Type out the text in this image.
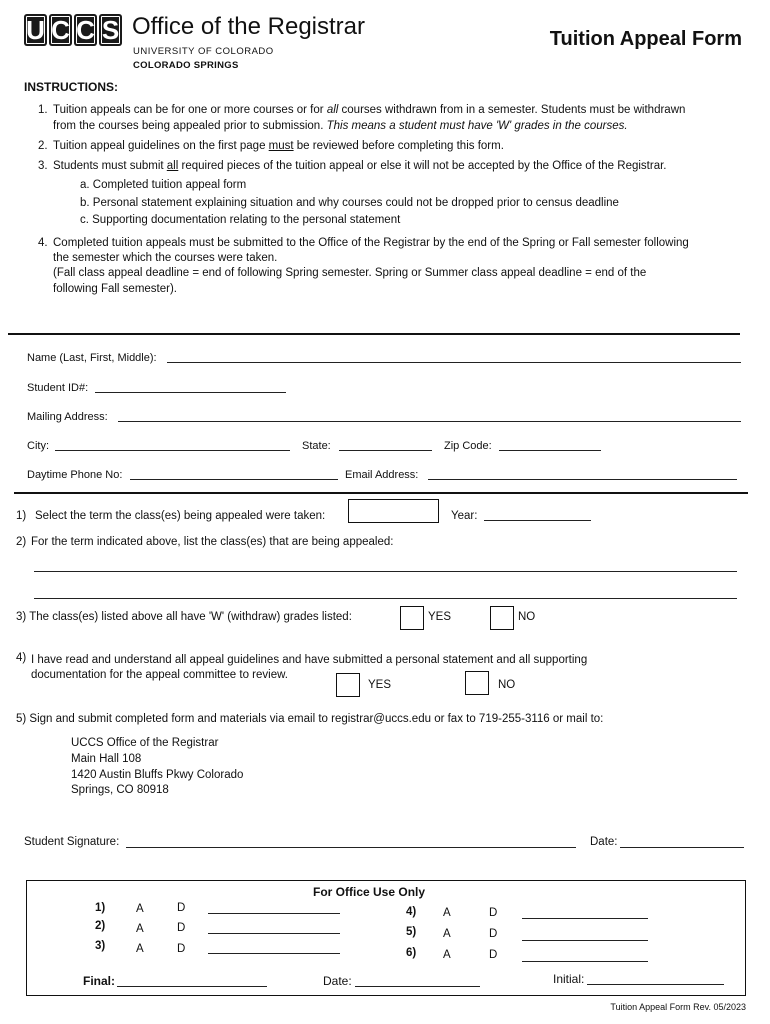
U C C S Office of the Registrar
UNIVERSITY OF COLORADO
COLORADO SPRINGS
Tuition Appeal Form
INSTRUCTIONS:
1. Tuition appeals can be for one or more courses or for all courses withdrawn from in a semester. Students must be withdrawn
from the courses being appealed prior to submission. This means a student must have 'W' grades in the courses.
2. Tuition appeal guidelines on the first page must be reviewed before completing this form.
3. Students must submit all required pieces of the tuition appeal or else it will not be accepted by the Office of the Registrar.
a. Completed tuition appeal form
b. Personal statement explaining situation and why courses could not be dropped prior to census deadline
c. Supporting documentation relating to the personal statement
4. Completed tuition appeals must be submitted to the Office of the Registrar by the end of the Spring or Fall semester following
the semester which the courses were taken.
(Fall class appeal deadline = end of following Spring semester. Spring or Summer class appeal deadline = end of the
following Fall semester).
Name (Last, First, Middle):
Student ID#:
Mailing Address:
City:	State:	Zip Code:
Daytime Phone No:	Email Address:
1) Select the term the class(es) being appealed were taken:	Year:
2) For the term indicated above, list the class(es) that are being appealed:
3) The class(es) listed above all have 'W' (withdraw) grades listed:	YES	NO
4) I have read and understand all appeal guidelines and have submitted a personal statement and all supporting
documentation for the appeal committee to review.
YES	NO
5) Sign and submit completed form and materials via email to registrar@uccs.edu or fax to 719-255-3116 or mail to:
UCCS Office of the Registrar
Main Hall 108
1420 Austin Bluffs Pkwy Colorado
Springs, CO 80918
Student Signature:	Date:
For Office Use Only
1)	A	D
2)	A	D
3)	A	D
4) A	D
5) A	D
6) A	D
Final:	Date:	Initial:
Tuition Appeal Form Rev. 05/2023
